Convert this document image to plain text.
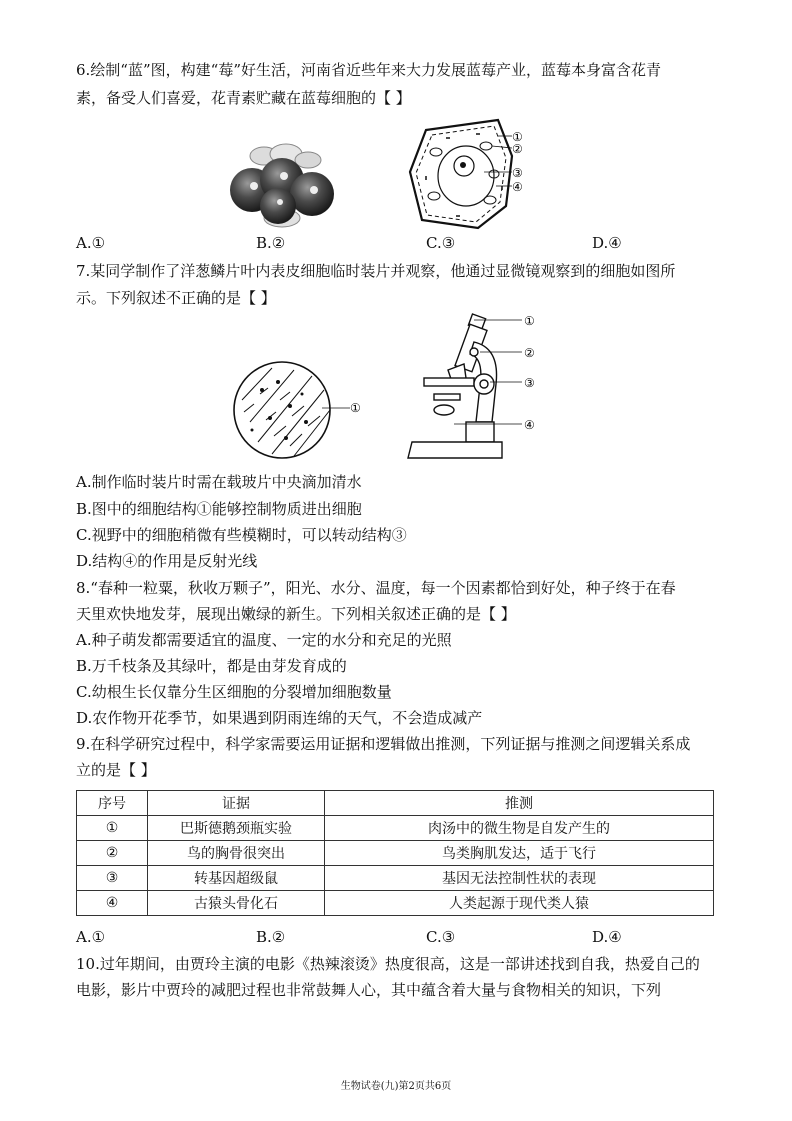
6.绘制“蓝”图，构建“莓”好生活，河南省近些年来大力发展蓝莓产业，蓝莓本身富含花青
素，备受人们喜爱，花青素贮藏在蓝莓细胞的【 】
①
②
③
④
A.①	B.②	C.③	D.④
7.某同学制作了洋葱鳞片叶内表皮细胞临时装片并观察，他通过显微镜观察到的细胞如图所
示。下列叙述不正确的是【 】
①
①
②
③
④
A.制作临时装片时需在载玻片中央滴加清水
B.图中的细胞结构①能够控制物质进出细胞
C.视野中的细胞稍微有些模糊时，可以转动结构③
D.结构④的作用是反射光线
8.“春种一粒粟，秋收万颗子”，阳光、水分、温度，每一个因素都恰到好处，种子终于在春
天里欢快地发芽，展现出嫩绿的新生。下列相关叙述正确的是【 】
A.种子萌发都需要适宜的温度、一定的水分和充足的光照
B.万千枝条及其绿叶，都是由芽发育成的
C.幼根生长仅靠分生区细胞的分裂增加细胞数量
D.农作物开花季节，如果遇到阴雨连绵的天气，不会造成减产
9.在科学研究过程中，科学家需要运用证据和逻辑做出推测，下列证据与推测之间逻辑关系成
立的是【 】
序号	证据	推测
①	巴斯德鹅颈瓶实验	肉汤中的微生物是自发产生的
②	鸟的胸骨很突出	鸟类胸肌发达，适于飞行
③	转基因超级鼠	基因无法控制性状的表现
④	古猿头骨化石	人类起源于现代类人猿
A.①	B.②	C.③	D.④
10.过年期间，由贾玲主演的电影《热辣滚烫》热度很高，这是一部讲述找到自我，热爱自己的
电影，影片中贾玲的减肥过程也非常鼓舞人心，其中蕴含着大量与食物相关的知识，下列
生物试卷(九)第2页共6页
